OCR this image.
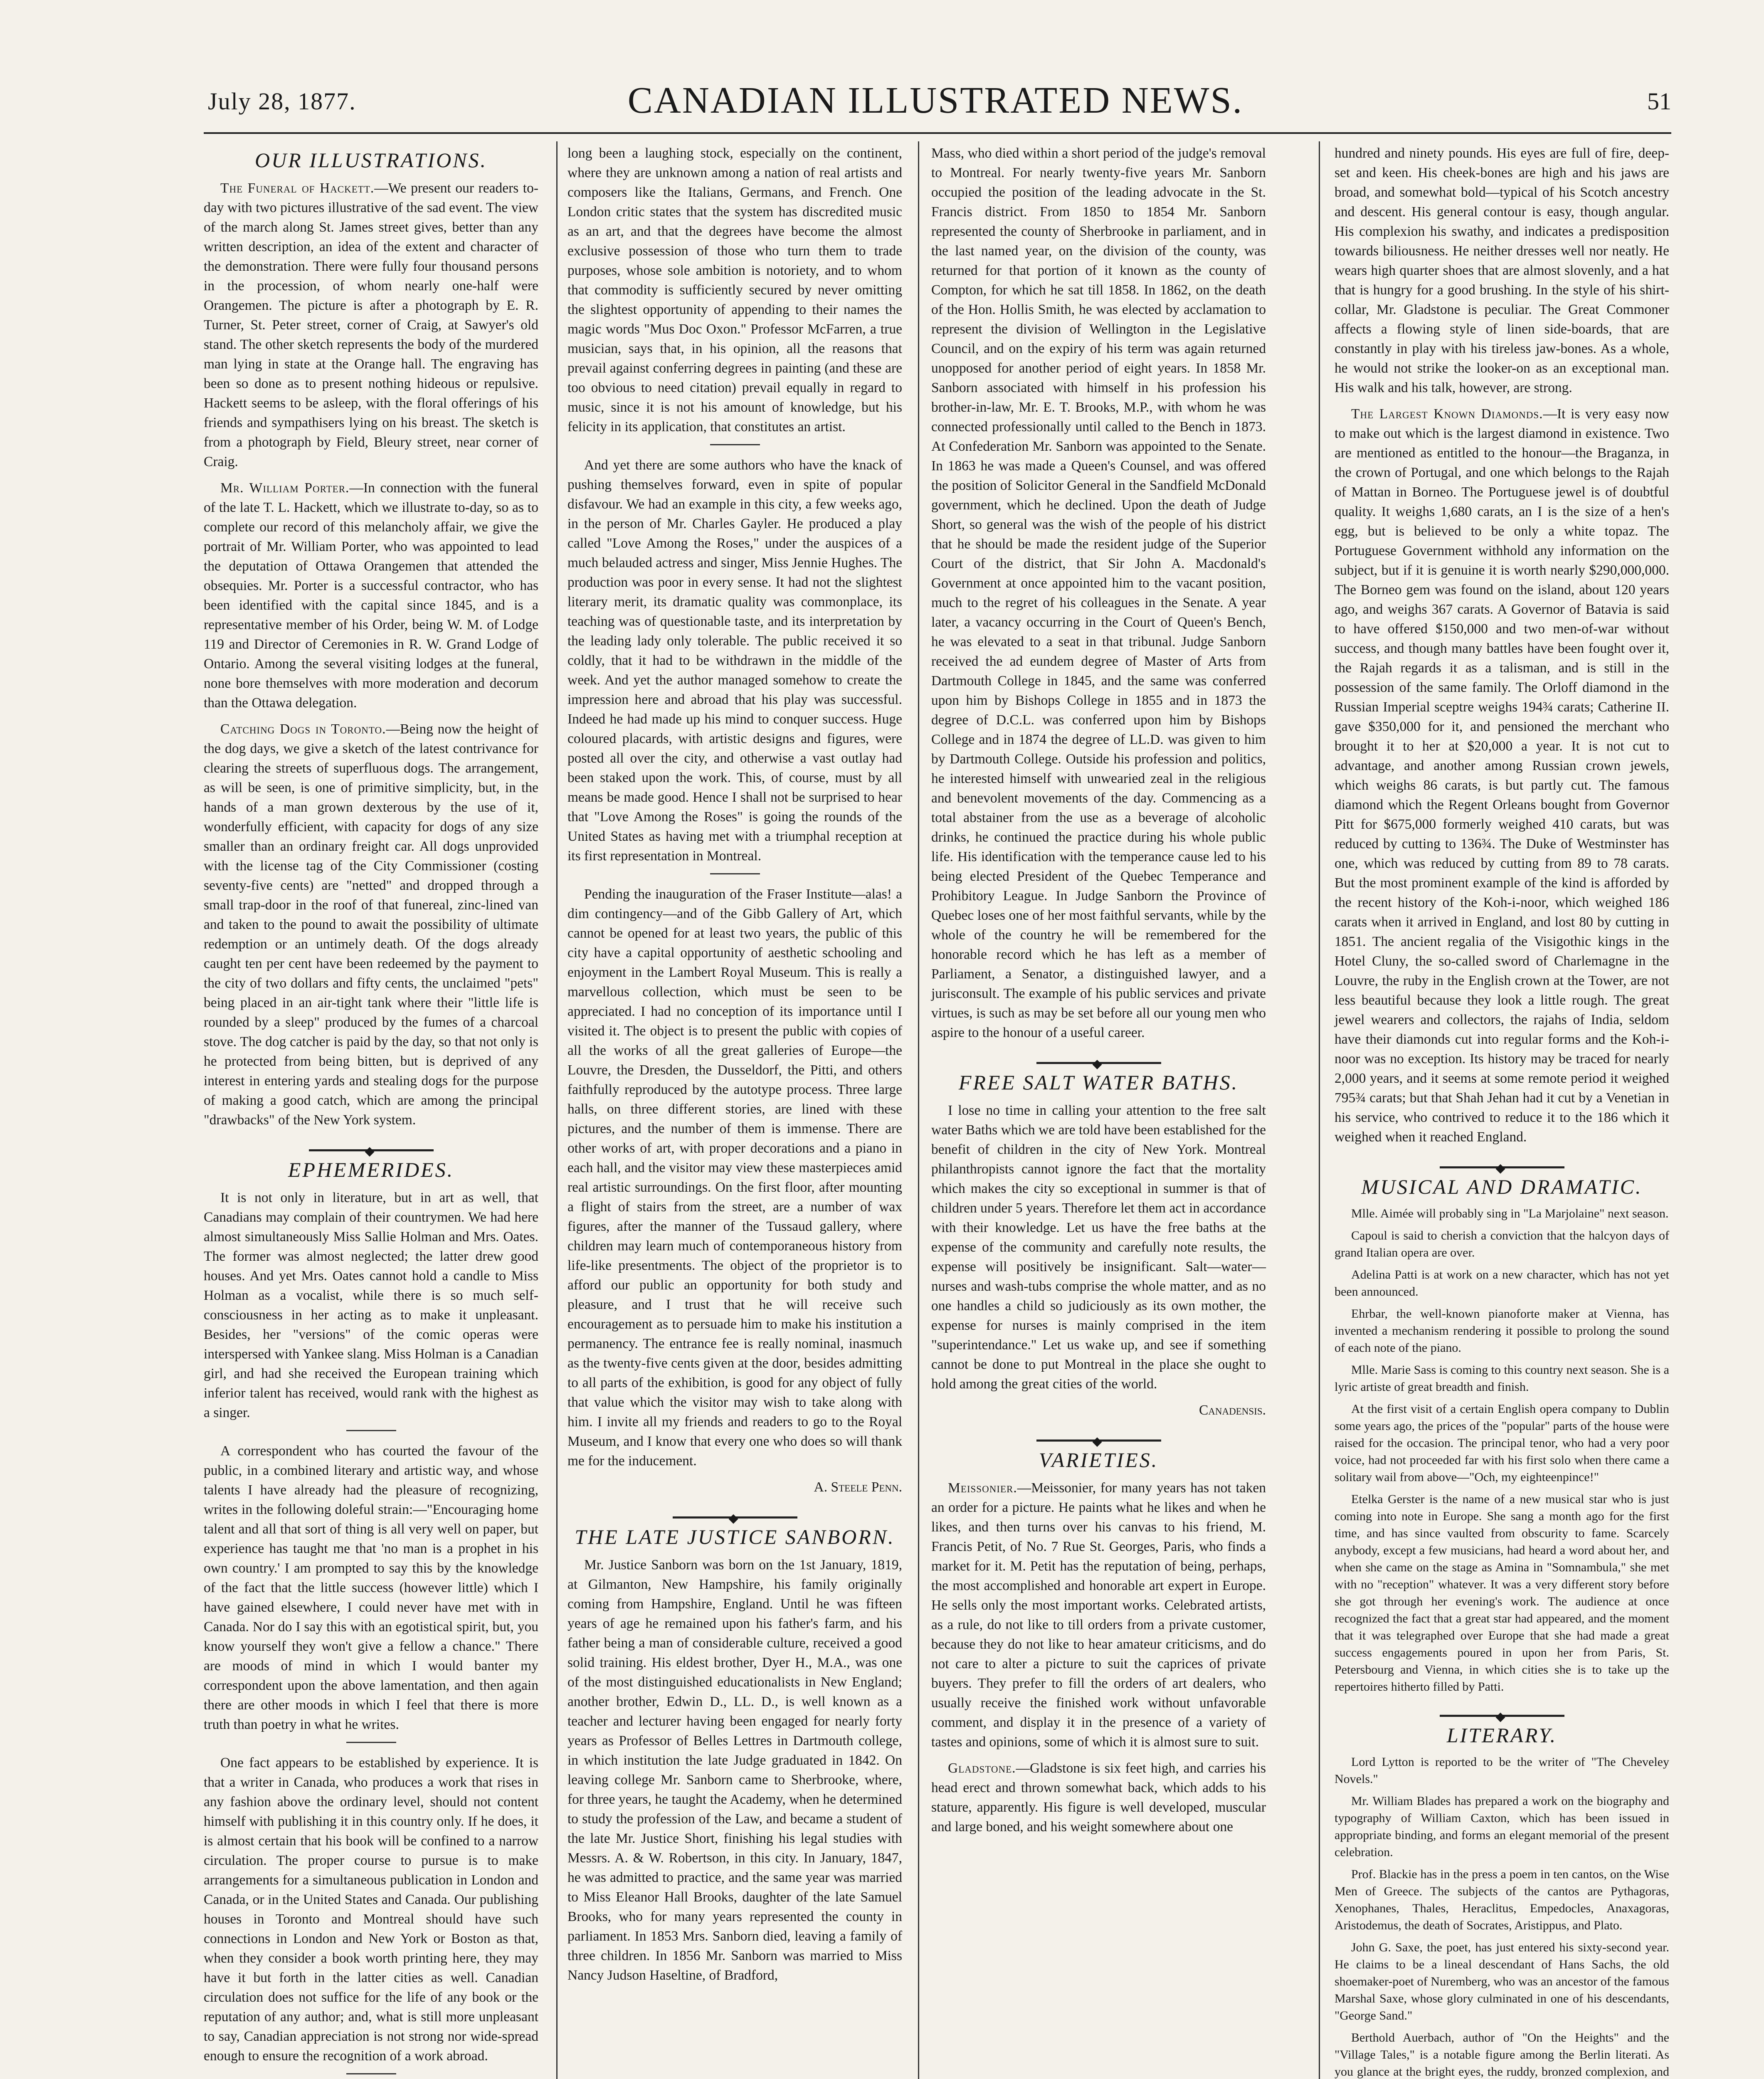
July 28, 1877.	CANADIAN ILLUSTRATED NEWS.	51
OUR ILLUSTRATIONS.

The Funeral of Hackett.—We present our readers to-day with two pictures illustrative of the sad event. The view of the march along St. James street gives, better than any written description, an idea of the extent and character of the demonstration. There were fully four thousand persons in the procession, of whom nearly one-half were Orangemen. The picture is after a photograph by E. R. Turner, St. Peter street, corner of Craig, at Sawyer's old stand. The other sketch represents the body of the murdered man lying in state at the Orange hall. The engraving has been so done as to present nothing hideous or repulsive. Hackett seems to be asleep, with the floral offerings of his friends and sympathisers lying on his breast. The sketch is from a photograph by Field, Bleury street, near corner of Craig.

Mr. William Porter.—In connection with the funeral of the late T. L. Hackett, which we illustrate to-day, so as to complete our record of this melancholy affair, we give the portrait of Mr. William Porter, who was appointed to lead the deputation of Ottawa Orangemen that attended the obsequies. Mr. Porter is a successful contractor, who has been identified with the capital since 1845, and is a representative member of his Order, being W. M. of Lodge 119 and Director of Ceremonies in R. W. Grand Lodge of Ontario. Among the several visiting lodges at the funeral, none bore themselves with more moderation and decorum than the Ottawa delegation.

Catching Dogs in Toronto.—Being now the height of the dog days, we give a sketch of the latest contrivance for clearing the streets of superfluous dogs. The arrangement, as will be seen, is one of primitive simplicity, but, in the hands of a man grown dexterous by the use of it, wonderfully efficient, with capacity for dogs of any size smaller than an ordinary freight car. All dogs unprovided with the license tag of the City Commissioner (costing seventy-five cents) are "netted" and dropped through a small trap-door in the roof of that funereal, zinc-lined van and taken to the pound to await the possibility of ultimate redemption or an untimely death. Of the dogs already caught ten per cent have been redeemed by the payment to the city of two dollars and fifty cents, the unclaimed "pets" being placed in an air-tight tank where their "little life is rounded by a sleep" produced by the fumes of a charcoal stove. The dog catcher is paid by the day, so that not only is he protected from being bitten, but is deprived of any interest in entering yards and stealing dogs for the purpose of making a good catch, which are among the principal "drawbacks" of the New York system.

◆
EPHEMERIDES.

It is not only in literature, but in art as well, that Canadians may complain of their countrymen. We had here almost simultaneously Miss Sallie Holman and Mrs. Oates. The former was almost neglected; the latter drew good houses. And yet Mrs. Oates cannot hold a candle to Miss Holman as a vocalist, while there is so much self-consciousness in her acting as to make it unpleasant. Besides, her "versions" of the comic operas were interspersed with Yankee slang. Miss Holman is a Canadian girl, and had she received the European training which inferior talent has received, would rank with the highest as a singer.

A correspondent who has courted the favour of the public, in a combined literary and artistic way, and whose talents I have already had the pleasure of recognizing, writes in the following doleful strain:—"Encouraging home talent and all that sort of thing is all very well on paper, but experience has taught me that 'no man is a prophet in his own country.' I am prompted to say this by the knowledge of the fact that the little success (however little) which I have gained elsewhere, I could never have met with in Canada. Nor do I say this with an egotistical spirit, but, you know yourself they won't give a fellow a chance." There are moods of mind in which I would banter my correspondent upon the above lamentation, and then again there are other moods in which I feel that there is more truth than poetry in what he writes.

One fact appears to be established by experience. It is that a writer in Canada, who produces a work that rises in any fashion above the ordinary level, should not content himself with publishing it in this country only. If he does, it is almost certain that his book will be confined to a narrow circulation. The proper course to pursue is to make arrangements for a simultaneous publication in London and Canada, or in the United States and Canada. Our publishing houses in Toronto and Montreal should have such connections in London and New York or Boston as that, when they consider a book worth printing here, they may have it but forth in the latter cities as well. Canadian circulation does not suffice for the life of any book or the reputation of any author; and, what is still more unpleasant to say, Canadian appreciation is not strong nor wide-spread enough to ensure the recognition of a work abroad.

long been a laughing stock, especially on the continent, where they are unknown among a nation of real artists and composers like the Italians, Germans, and French. One London critic states that the system has discredited music as an art, and that the degrees have become the almost exclusive possession of those who turn them to trade purposes, whose sole ambition is notoriety, and to whom that commodity is sufficiently secured by never omitting the slightest opportunity of appending to their names the magic words "Mus Doc Oxon." Professor McFarren, a true musician, says that, in his opinion, all the reasons that prevail against conferring degrees in painting (and these are too obvious to need citation) prevail equally in regard to music, since it is not his amount of knowledge, but his felicity in its application, that constitutes an artist.

And yet there are some authors who have the knack of pushing themselves forward, even in spite of popular disfavour. We had an example in this city, a few weeks ago, in the person of Mr. Charles Gayler. He produced a play called "Love Among the Roses," under the auspices of a much belauded actress and singer, Miss Jennie Hughes. The production was poor in every sense. It had not the slightest literary merit, its dramatic quality was commonplace, its teaching was of questionable taste, and its interpretation by the leading lady only tolerable. The public received it so coldly, that it had to be withdrawn in the middle of the week. And yet the author managed somehow to create the impression here and abroad that his play was successful. Indeed he had made up his mind to conquer success. Huge coloured placards, with artistic designs and figures, were posted all over the city, and otherwise a vast outlay had been staked upon the work. This, of course, must by all means be made good. Hence I shall not be surprised to hear that "Love Among the Roses" is going the rounds of the United States as having met with a triumphal reception at its first representation in Montreal.

Pending the inauguration of the Fraser Institute—alas! a dim contingency—and of the Gibb Gallery of Art, which cannot be opened for at least two years, the public of this city have a capital opportunity of aesthetic schooling and enjoyment in the Lambert Royal Museum. This is really a marvellous collection, which must be seen to be appreciated. I had no conception of its importance until I visited it. The object is to present the public with copies of all the works of all the great galleries of Europe—the Louvre, the Dresden, the Dusseldorf, the Pitti, and others faithfully reproduced by the autotype process. Three large halls, on three different stories, are lined with these pictures, and the number of them is immense. There are other works of art, with proper decorations and a piano in each hall, and the visitor may view these masterpieces amid real artistic surroundings. On the first floor, after mounting a flight of stairs from the street, are a number of wax figures, after the manner of the Tussaud gallery, where children may learn much of contemporaneous history from life-like presentments. The object of the proprietor is to afford our public an opportunity for both study and pleasure, and I trust that he will receive such encouragement as to persuade him to make his institution a permanency. The entrance fee is really nominal, inasmuch as the twenty-five cents given at the door, besides admitting to all parts of the exhibition, is good for any object of fully that value which the visitor may wish to take along with him. I invite all my friends and readers to go to the Royal Museum, and I know that every one who does so will thank me for the inducement.

A. Steele Penn.

◆
THE LATE JUSTICE SANBORN.

Mr. Justice Sanborn was born on the 1st January, 1819, at Gilmanton, New Hampshire, his family originally coming from Hampshire, England. Until he was fifteen years of age he remained upon his father's farm, and his father being a man of considerable culture, received a good solid training. His eldest brother, Dyer H., M.A., was one of the most distinguished educationalists in New England; another brother, Edwin D., LL. D., is well known as a teacher and lecturer having been engaged for nearly forty years as Professor of Belles Lettres in Dartmouth college, in which institution the late Judge graduated in 1842. On leaving college Mr. Sanborn came to Sherbrooke, where, for three years, he taught the Academy, when he determined to study the profession of the Law, and became a student of the late Mr. Justice Short, finishing his legal studies with Messrs. A. & W. Robertson, in this city. In January, 1847, he was admitted to practice, and the same year was married to Miss Eleanor Hall Brooks, daughter of the late Samuel Brooks, who for many years represented the county in parliament. In 1853 Mrs. Sanborn died, leaving a family of three children. In 1856 Mr. Sanborn was married to Miss Nancy Judson Haseltine, of Bradford,

Mass, who died within a short period of the judge's removal to Montreal. For nearly twenty-five years Mr. Sanborn occupied the position of the leading advocate in the St. Francis district. From 1850 to 1854 Mr. Sanborn represented the county of Sherbrooke in parliament, and in the last named year, on the division of the county, was returned for that portion of it known as the county of Compton, for which he sat till 1858. In 1862, on the death of the Hon. Hollis Smith, he was elected by acclamation to represent the division of Wellington in the Legislative Council, and on the expiry of his term was again returned unopposed for another period of eight years. In 1858 Mr. Sanborn associated with himself in his profession his brother-in-law, Mr. E. T. Brooks, M.P., with whom he was connected professionally until called to the Bench in 1873. At Confederation Mr. Sanborn was appointed to the Senate. In 1863 he was made a Queen's Counsel, and was offered the position of Solicitor General in the Sandfield McDonald government, which he declined. Upon the death of Judge Short, so general was the wish of the people of his district that he should be made the resident judge of the Superior Court of the district, that Sir John A. Macdonald's Government at once appointed him to the vacant position, much to the regret of his colleagues in the Senate. A year later, a vacancy occurring in the Court of Queen's Bench, he was elevated to a seat in that tribunal. Judge Sanborn received the ad eundem degree of Master of Arts from Dartmouth College in 1845, and the same was conferred upon him by Bishops College in 1855 and in 1873 the degree of D.C.L. was conferred upon him by Bishops College and in 1874 the degree of LL.D. was given to him by Dartmouth College. Outside his profession and politics, he interested himself with unwearied zeal in the religious and benevolent movements of the day. Commencing as a total abstainer from the use as a beverage of alcoholic drinks, he continued the practice during his whole public life. His identification with the temperance cause led to his being elected President of the Quebec Temperance and Prohibitory League. In Judge Sanborn the Province of Quebec loses one of her most faithful servants, while by the whole of the country he will be remembered for the honorable record which he has left as a member of Parliament, a Senator, a distinguished lawyer, and a jurisconsult. The example of his public services and private virtues, is such as may be set before all our young men who aspire to the honour of a useful career.

◆
FREE SALT WATER BATHS.

I lose no time in calling your attention to the free salt water Baths which we are told have been established for the benefit of children in the city of New York. Montreal philanthropists cannot ignore the fact that the mortality which makes the city so exceptional in summer is that of children under 5 years. Therefore let them act in accordance with their knowledge. Let us have the free baths at the expense of the community and carefully note results, the expense will positively be insignificant. Salt—water—nurses and wash-tubs comprise the whole matter, and as no one handles a child so judiciously as its own mother, the expense for nurses is mainly comprised in the item "superintendance." Let us wake up, and see if something cannot be done to put Montreal in the place she ought to hold among the great cities of the world.

Canadensis.

◆
VARIETIES.

Meissonier.—Meissonier, for many years has not taken an order for a picture. He paints what he likes and when he likes, and then turns over his canvas to his friend, M. Francis Petit, of No. 7 Rue St. Georges, Paris, who finds a market for it. M. Petit has the reputation of being, perhaps, the most accomplished and honorable art expert in Europe. He sells only the most important works. Celebrated artists, as a rule, do not like to till orders from a private customer, because they do not like to hear amateur criticisms, and do not care to alter a picture to suit the caprices of private buyers. They prefer to fill the orders of art dealers, who usually receive the finished work without unfavorable comment, and display it in the presence of a variety of tastes and opinions, some of which it is almost sure to suit.

Gladstone.—Gladstone is six feet high, and carries his head erect and thrown somewhat back, which adds to his stature, apparently. His figure is well developed, muscular and large boned, and his weight somewhere about one

hundred and ninety pounds. His eyes are full of fire, deep-set and keen. His cheek-bones are high and his jaws are broad, and somewhat bold—typical of his Scotch ancestry and descent. His general contour is easy, though angular. His complexion his swathy, and indicates a predisposition towards biliousness. He neither dresses well nor neatly. He wears high quarter shoes that are almost slovenly, and a hat that is hungry for a good brushing. In the style of his shirt-collar, Mr. Gladstone is peculiar. The Great Commoner affects a flowing style of linen side-boards, that are constantly in play with his tireless jaw-bones. As a whole, he would not strike the looker-on as an exceptional man. His walk and his talk, however, are strong.

The Largest Known Diamonds.—It is very easy now to make out which is the largest diamond in existence. Two are mentioned as entitled to the honour—the Braganza, in the crown of Portugal, and one which belongs to the Rajah of Mattan in Borneo. The Portuguese jewel is of doubtful quality. It weighs 1,680 carats, an I is the size of a hen's egg, but is believed to be only a white topaz. The Portuguese Government withhold any information on the subject, but if it is genuine it is worth nearly $290,000,000. The Borneo gem was found on the island, about 120 years ago, and weighs 367 carats. A Governor of Batavia is said to have offered $150,000 and two men-of-war without success, and though many battles have been fought over it, the Rajah regards it as a talisman, and is still in the possession of the same family. The Orloff diamond in the Russian Imperial sceptre weighs 194¾ carats; Catherine II. gave $350,000 for it, and pensioned the merchant who brought it to her at $20,000 a year. It is not cut to advantage, and another among Russian crown jewels, which weighs 86 carats, is but partly cut. The famous diamond which the Regent Orleans bought from Governor Pitt for $675,000 formerly weighed 410 carats, but was reduced by cutting to 136¾. The Duke of Westminster has one, which was reduced by cutting from 89 to 78 carats. But the most prominent example of the kind is afforded by the recent history of the Koh-i-noor, which weighed 186 carats when it arrived in England, and lost 80 by cutting in 1851. The ancient regalia of the Visigothic kings in the Hotel Cluny, the so-called sword of Charlemagne in the Louvre, the ruby in the English crown at the Tower, are not less beautiful because they look a little rough. The great jewel wearers and collectors, the rajahs of India, seldom have their diamonds cut into regular forms and the Koh-i-noor was no exception. Its history may be traced for nearly 2,000 years, and it seems at some remote period it weighed 795¾ carats; but that Shah Jehan had it cut by a Venetian in his service, who contrived to reduce it to the 186 which it weighed when it reached England.

◆
MUSICAL AND DRAMATIC.

Mlle. Aimée will probably sing in "La Marjolaine" next season.

Capoul is said to cherish a conviction that the halcyon days of grand Italian opera are over.

Adelina Patti is at work on a new character, which has not yet been announced.

Ehrbar, the well-known pianoforte maker at Vienna, has invented a mechanism rendering it possible to prolong the sound of each note of the piano.

Mlle. Marie Sass is coming to this country next season. She is a lyric artiste of great breadth and finish.

At the first visit of a certain English opera company to Dublin some years ago, the prices of the "popular" parts of the house were raised for the occasion. The principal tenor, who had a very poor voice, had not proceeded far with his first solo when there came a solitary wail from above—"Och, my eighteenpince!"

Etelka Gerster is the name of a new musical star who is just coming into note in Europe. She sang a month ago for the first time, and has since vaulted from obscurity to fame. Scarcely anybody, except a few musicians, had heard a word about her, and when she came on the stage as Amina in "Somnambula," she met with no "reception" whatever. It was a very different story before she got through her evening's work. The audience at once recognized the fact that a great star had appeared, and the moment that it was telegraphed over Europe that she had made a great success engagements poured in upon her from Paris, St. Petersbourg and Vienna, in which cities she is to take up the repertoires hitherto filled by Patti.

◆
LITERARY.

Lord Lytton is reported to be the writer of "The Cheveley Novels."

Mr. William Blades has prepared a work on the biography and typography of William Caxton, which has been issued in appropriate binding, and forms an elegant memorial of the present celebration.

Prof. Blackie has in the press a poem in ten cantos, on the Wise Men of Greece. The subjects of the cantos are Pythagoras, Xenophanes, Thales, Heraclitus, Empedocles, Anaxagoras, Aristodemus, the death of Socrates, Aristippus, and Plato.

John G. Saxe, the poet, has just entered his sixty-second year. He claims to be a lineal descendant of Hans Sachs, the old shoemaker-poet of Nuremberg, who was an ancestor of the famous Marshal Saxe, whose glory culminated in one of his descendants, "George Sand."

Berthold Auerbach, author of "On the Heights" and the "Village Tales," is a notable figure among the Berlin literati. As you glance at the bright eyes, the ruddy, bronzed complexion, and
